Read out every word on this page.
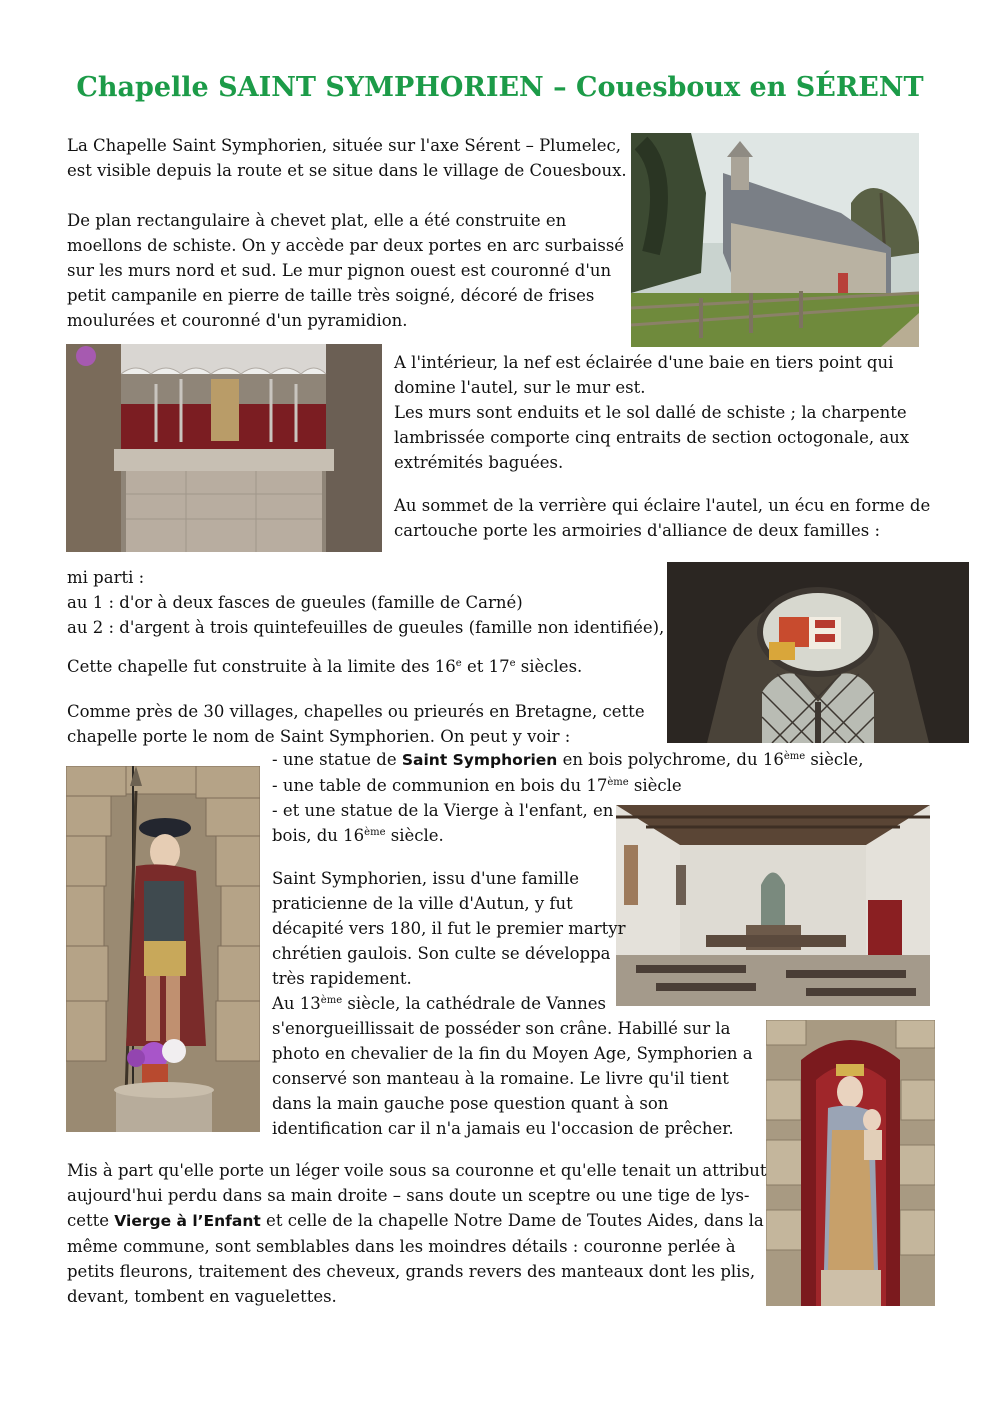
Chapelle SAINT SYMPHORIEN – Couesboux en SÉRENT

La Chapelle Saint Symphorien, située sur l'axe Sérent – Plumelec,
est visible depuis la route et se situe dans le village de Couesboux.

De plan rectangulaire à chevet plat, elle a été construite en
moellons de schiste. On y accède par deux portes en arc surbaissé
sur les murs nord et sud. Le mur pignon ouest est couronné d'un
petit campanile en pierre de taille très soigné, décoré de frises
moulurées et couronné d'un pyramidion.

A l'intérieur, la nef est éclairée d'une baie en tiers point qui
domine l'autel, sur le mur est.
Les murs sont enduits et le sol dallé de schiste ; la charpente
lambrissée comporte cinq entraits de section octogonale, aux
extrémités baguées.

Au sommet de la verrière qui éclaire l'autel, un écu en forme de
cartouche porte les armoiries d'alliance de deux familles :

mi parti :
au 1 : d'or à deux fasces de gueules (famille de Carné)
au 2 : d'argent à trois quintefeuilles de gueules (famille non identifiée),

Cette chapelle fut construite à la limite des 16e et 17e siècles.

Comme près de 30 villages, chapelles ou prieurés en Bretagne, cette
chapelle porte le nom de Saint Symphorien. On peut y voir :

- une statue de Saint Symphorien en bois polychrome, du 16ème siècle,
- une table de communion en bois du 17ème siècle
- et une statue de la Vierge à l'enfant, en
bois, du 16ème siècle.

Saint Symphorien, issu d'une famille
praticienne de la ville d'Autun, y fut
décapité vers 180, il fut le premier martyr
chrétien gaulois. Son culte se développa
très rapidement.

Au 13ème siècle, la cathédrale de Vannes
s'enorgueillissait de posséder son crâne. Habillé sur la
photo en chevalier de la fin du Moyen Age, Symphorien a
conservé son manteau à la romaine. Le livre qu'il tient
dans la main gauche pose question quant à son
identification car il n'a jamais eu l'occasion de prêcher.

Mis à part qu'elle porte un léger voile sous sa couronne et qu'elle tenait un attribut
aujourd'hui perdu dans sa main droite – sans doute un sceptre ou une tige de lys-
cette Vierge à l’Enfant et celle de la chapelle Notre Dame de Toutes Aides, dans la
même commune, sont semblables dans les moindres détails : couronne perlée à
petits fleurons, traitement des cheveux, grands revers des manteaux dont les plis,
devant, tombent en vaguelettes.
